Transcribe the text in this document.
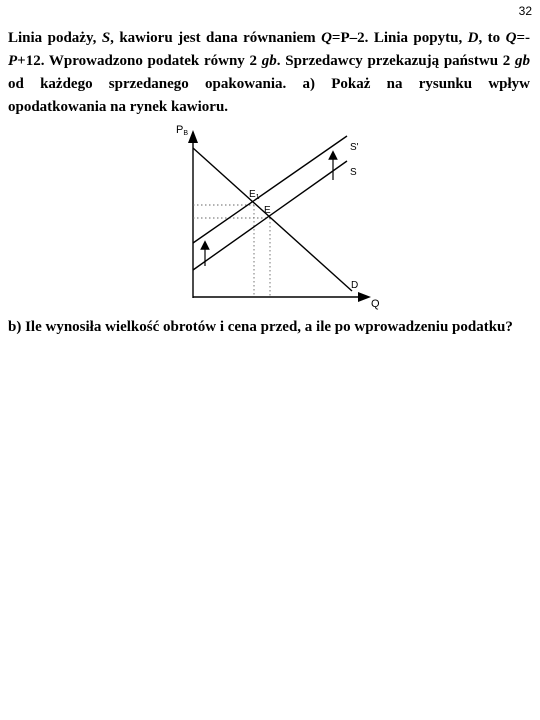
32
Linia podaży, S, kawioru jest dana równaniem Q=P–2. Linia popytu, D, to Q=-P+12. Wprowadzono podatek równy 2 gb. Sprzedawcy przekazują państwu 2 gb od każdego sprzedanego opakowania. a) Pokaż na rysunku wpływ opodatkowania na rynek kawioru.
PB
Q
S'
S
D
$E_1$
E
b) Ile wynosiła wielkość obrotów i cena przed, a ile po wprowadzeniu podatku?
